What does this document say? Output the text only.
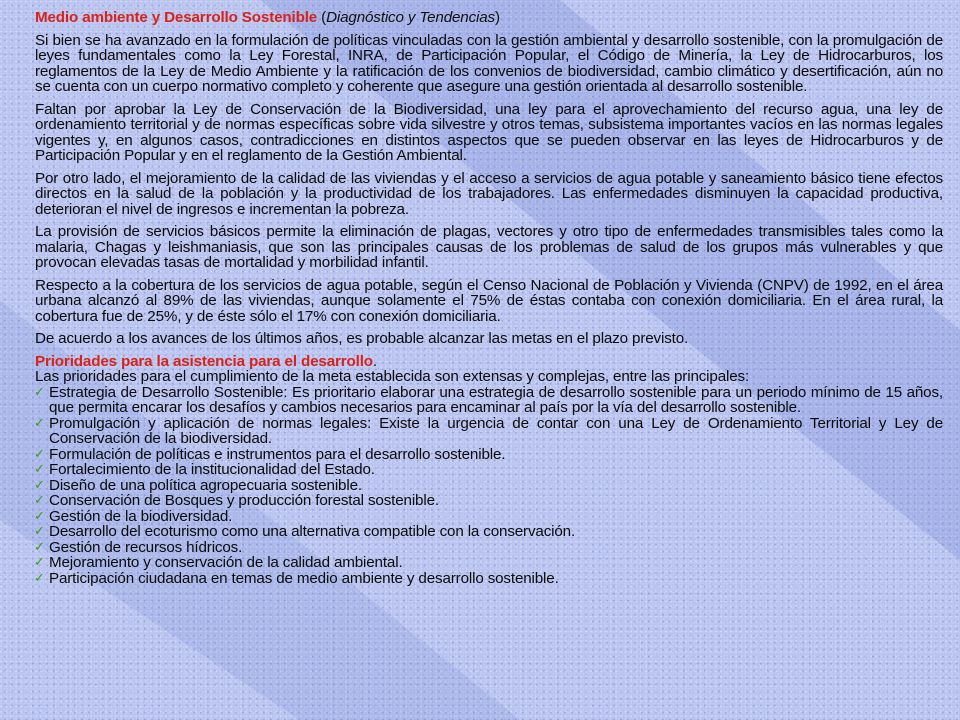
Medio ambiente y Desarrollo Sostenible (Diagnóstico y Tendencias)

Si bien se ha avanzado en la formulación de políticas vinculadas con la gestión ambiental y desarrollo sostenible, con la promulgación de leyes fundamentales como la Ley Forestal, INRA, de Participación Popular, el Código de Minería, la Ley de Hidrocarburos, los reglamentos de la Ley de Medio Ambiente y la ratificación de los convenios de biodiversidad, cambio climático y desertificación, aún no se cuenta con un cuerpo normativo completo y coherente que asegure una gestión orientada al desarrollo sostenible.

Faltan por aprobar la Ley de Conservación de la Biodiversidad, una ley para el aprovechamiento del recurso agua, una ley de ordenamiento territorial y de normas específicas sobre vida silvestre y otros temas, subsistema importantes vacíos en las normas legales vigentes y, en algunos casos, contradicciones en distintos aspectos que se pueden observar en las leyes de Hidrocarburos y de Participación Popular y en el reglamento de la Gestión Ambiental.

Por otro lado, el mejoramiento de la calidad de las viviendas y el acceso a servicios de agua potable y saneamiento básico tiene efectos directos en la salud de la población y la productividad de los trabajadores. Las enfermedades disminuyen la capacidad productiva, deterioran el nivel de ingresos e incrementan la pobreza.

La provisión de servicios básicos permite la eliminación de plagas, vectores y otro tipo de enfermedades transmisibles tales como la malaria, Chagas y leishmaniasis, que son las principales causas de los problemas de salud de los grupos más vulnerables y que provocan elevadas tasas de mortalidad y morbilidad infantil.

Respecto a la cobertura de los servicios de agua potable, según el Censo Nacional de Población y Vivienda (CNPV) de 1992, en el área urbana alcanzó al 89% de las viviendas, aunque solamente el 75% de éstas contaba con conexión domiciliaria. En el área rural, la cobertura fue de 25%, y de éste sólo el 17% con conexión domiciliaria.

De acuerdo a los avances de los últimos años, es probable alcanzar las metas en el plazo previsto.

Prioridades para la asistencia para el desarrollo.
Las prioridades para el cumplimiento de la meta establecida son extensas y complejas, entre las principales:
✓ Estrategia de Desarrollo Sostenible: Es prioritario elaborar una estrategia de desarrollo sostenible para un periodo mínimo de 15 años, que permita encarar los desafíos y cambios necesarios para encaminar al país por la vía del desarrollo sostenible.
✓ Promulgación y aplicación de normas legales: Existe la urgencia de contar con una Ley de Ordenamiento Territorial y Ley de Conservación de la biodiversidad.
✓ Formulación de políticas e instrumentos para el desarrollo sostenible.
✓ Fortalecimiento de la institucionalidad del Estado.
✓ Diseño de una política agropecuaria sostenible.
✓ Conservación de Bosques y producción forestal sostenible.
✓ Gestión de la biodiversidad.
✓ Desarrollo del ecoturismo como una alternativa compatible con la conservación.
✓ Gestión de recursos hídricos.
✓ Mejoramiento y conservación de la calidad ambiental.
✓ Participación ciudadana en temas de medio ambiente y desarrollo sostenible.
